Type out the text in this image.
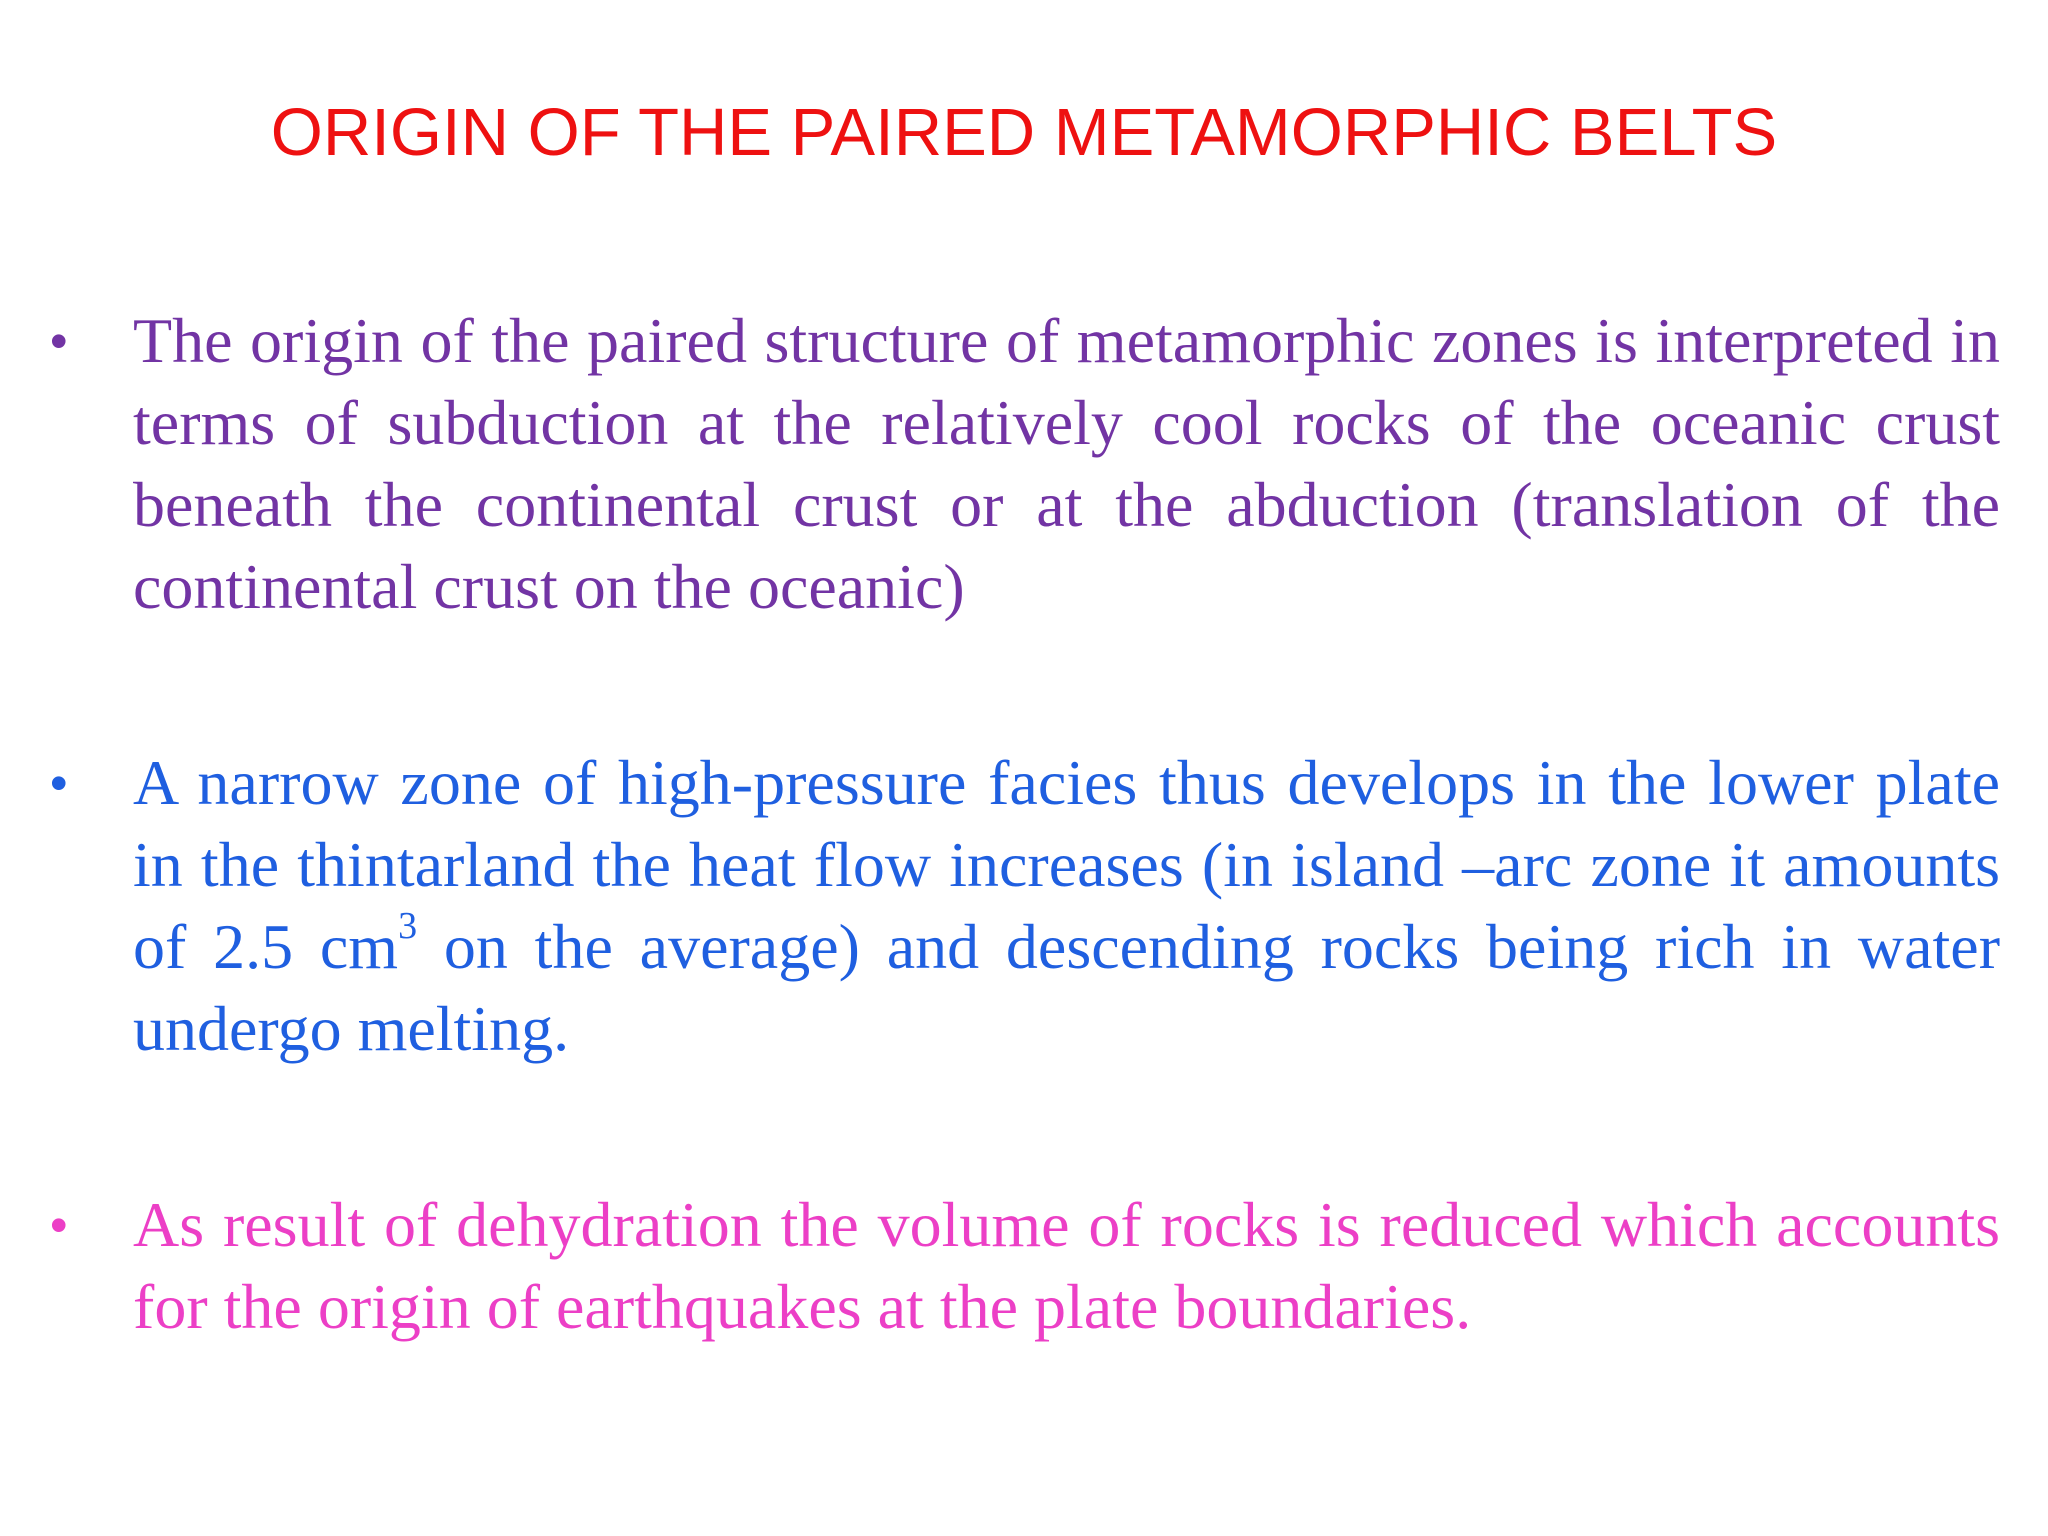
ORIGIN OF THE PAIRED METAMORPHIC BELTS
• The origin of the paired structure of metamorphic zones is interpreted in terms of subduction at the relatively cool rocks of the oceanic crust beneath the continental crust or at the abduction (translation of the continental crust on the oceanic)
• A narrow zone of high-pressure facies thus develops in the lower plate in the thintarland the heat flow increases (in island –arc zone it amounts of 2.5 $cm^3$ on the average) and descending rocks being rich in water undergo melting.
• As result of dehydration the volume of rocks is reduced which accounts for the origin of earthquakes at the plate boundaries.
